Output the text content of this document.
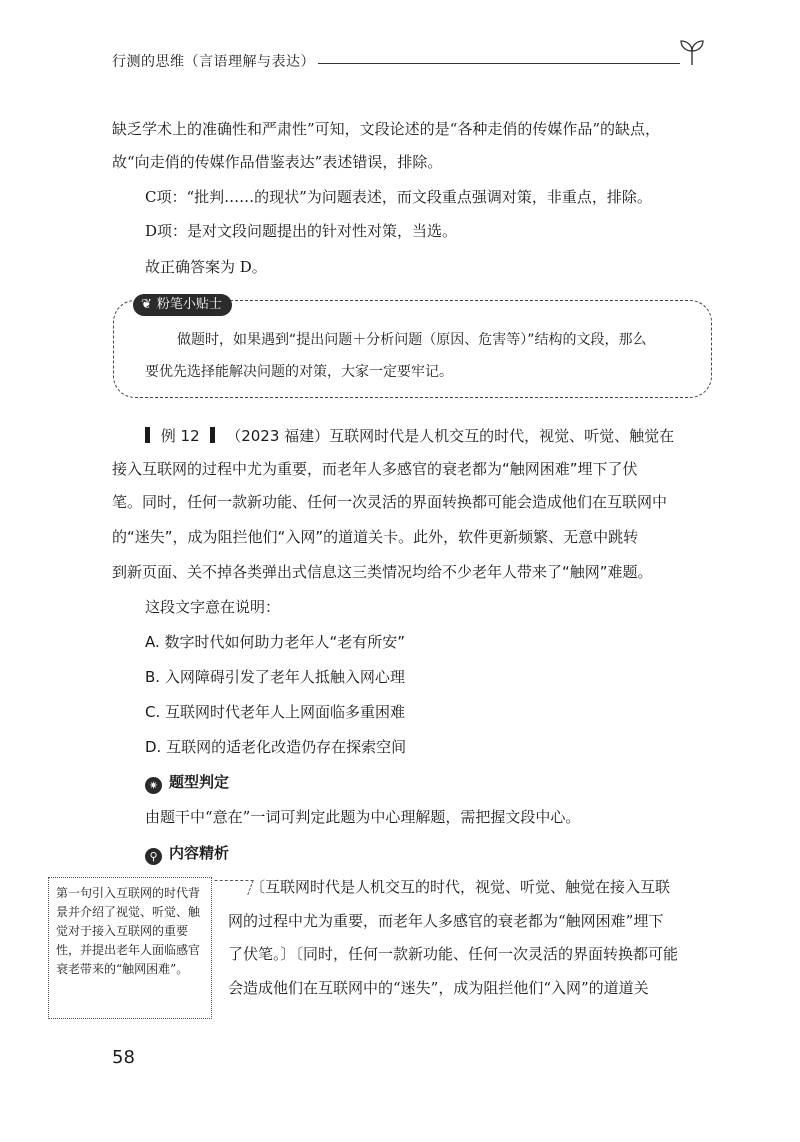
行测的思维（言语理解与表达）
缺乏学术上的准确性和严肃性”可知，文段论述的是“各种走俏的传媒作品”的缺点，
故“向走俏的传媒作品借鉴表达”表述错误，排除。
C项：“批判……的现状”为问题表述，而文段重点强调对策，非重点，排除。
D项：是对文段问题提出的针对性对策，当选。
故正确答案为 D。
❦ 粉笔小贴士
做题时，如果遇到“提出问题＋分析问题（原因、危害等）”结构的文段，那么
要优先选择能解决问题的对策，大家一定要牢记。
例 12 （2023 福建）互联网时代是人机交互的时代，视觉、听觉、触觉在
接入互联网的过程中尤为重要，而老年人多感官的衰老都为“触网困难”埋下了伏
笔。同时，任何一款新功能、任何一次灵活的界面转换都可能会造成他们在互联网中
的“迷失”，成为阻拦他们“入网”的道道关卡。此外，软件更新频繁、无意中跳转
到新页面、关不掉各类弹出式信息这三类情况均给不少老年人带来了“触网”难题。
这段文字意在说明：
A. 数字时代如何助力老年人“老有所安”
B. 入网障碍引发了老年人抵触入网心理
C. 互联网时代老年人上网面临多重困难
D. 互联网的适老化改造仍存在探索空间
✷ 题型判定
由题干中“意在”一词可判定此题为中心理解题，需把握文段中心。
⚲ 内容精析
〔互联网时代是人机交互的时代，视觉、听觉、触觉在接入互联
网的过程中尤为重要，而老年人多感官的衰老都为“触网困难”埋下
了伏笔。〕〔同时，任何一款新功能、任何一次灵活的界面转换都可能
会造成他们在互联网中的“迷失”，成为阻拦他们“入网”的道道关
第一句引入互联网的时代背景并介绍了视觉、听觉、触觉对于接入互联网的重要性，并提出老年人面临感官衰老带来的“触网困难”。
58
